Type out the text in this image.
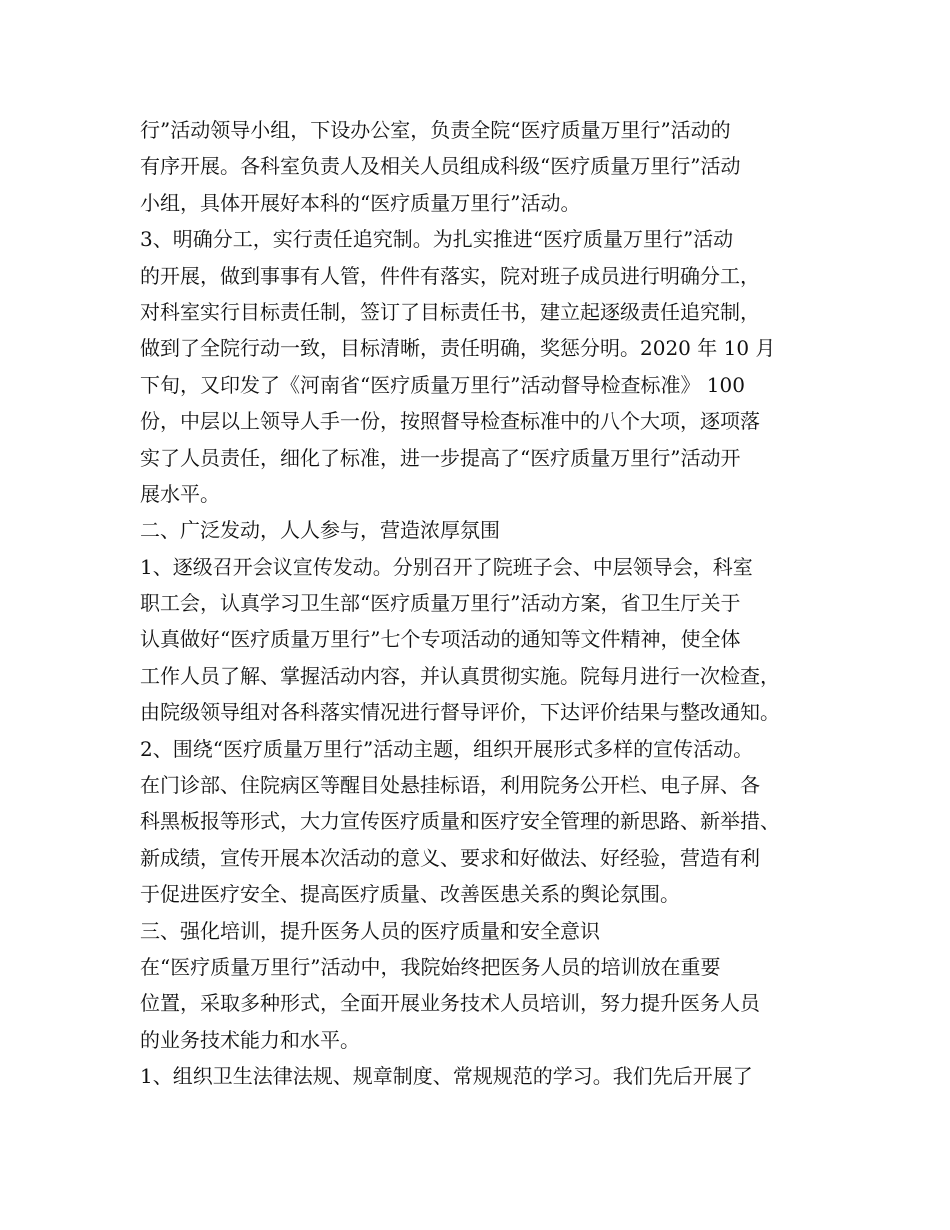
行”活动领导小组，下设办公室，负责全院“医疗质量万里行”活动的
有序开展。各科室负责人及相关人员组成科级“医疗质量万里行”活动
小组，具体开展好本科的“医疗质量万里行”活动。
3、明确分工，实行责任追究制。为扎实推进“医疗质量万里行”活动
的开展，做到事事有人管，件件有落实，院对班子成员进行明确分工，
对科室实行目标责任制，签订了目标责任书，建立起逐级责任追究制，
做到了全院行动一致，目标清晰，责任明确，奖惩分明。2020 年 10 月
下旬，又印发了《河南省“医疗质量万里行”活动督导检查标准》 100
份，中层以上领导人手一份，按照督导检查标准中的八个大项，逐项落
实了人员责任，细化了标准，进一步提高了“医疗质量万里行”活动开
展水平。
二、广泛发动，人人参与，营造浓厚氛围
1、逐级召开会议宣传发动。分别召开了院班子会、中层领导会，科室
职工会，认真学习卫生部“医疗质量万里行”活动方案，省卫生厅关于
认真做好“医疗质量万里行”七个专项活动的通知等文件精神，使全体
工作人员了解、掌握活动内容，并认真贯彻实施。院每月进行一次检查，
由院级领导组对各科落实情况进行督导评价，下达评价结果与整改通知。
2、围绕“医疗质量万里行”活动主题，组织开展形式多样的宣传活动。
在门诊部、住院病区等醒目处悬挂标语，利用院务公开栏、电子屏、各
科黑板报等形式，大力宣传医疗质量和医疗安全管理的新思路、新举措、
新成绩，宣传开展本次活动的意义、要求和好做法、好经验，营造有利
于促进医疗安全、提高医疗质量、改善医患关系的舆论氛围。
三、强化培训，提升医务人员的医疗质量和安全意识
在“医疗质量万里行”活动中，我院始终把医务人员的培训放在重要
位置，采取多种形式，全面开展业务技术人员培训，努力提升医务人员
的业务技术能力和水平。
1、组织卫生法律法规、规章制度、常规规范的学习。我们先后开展了
